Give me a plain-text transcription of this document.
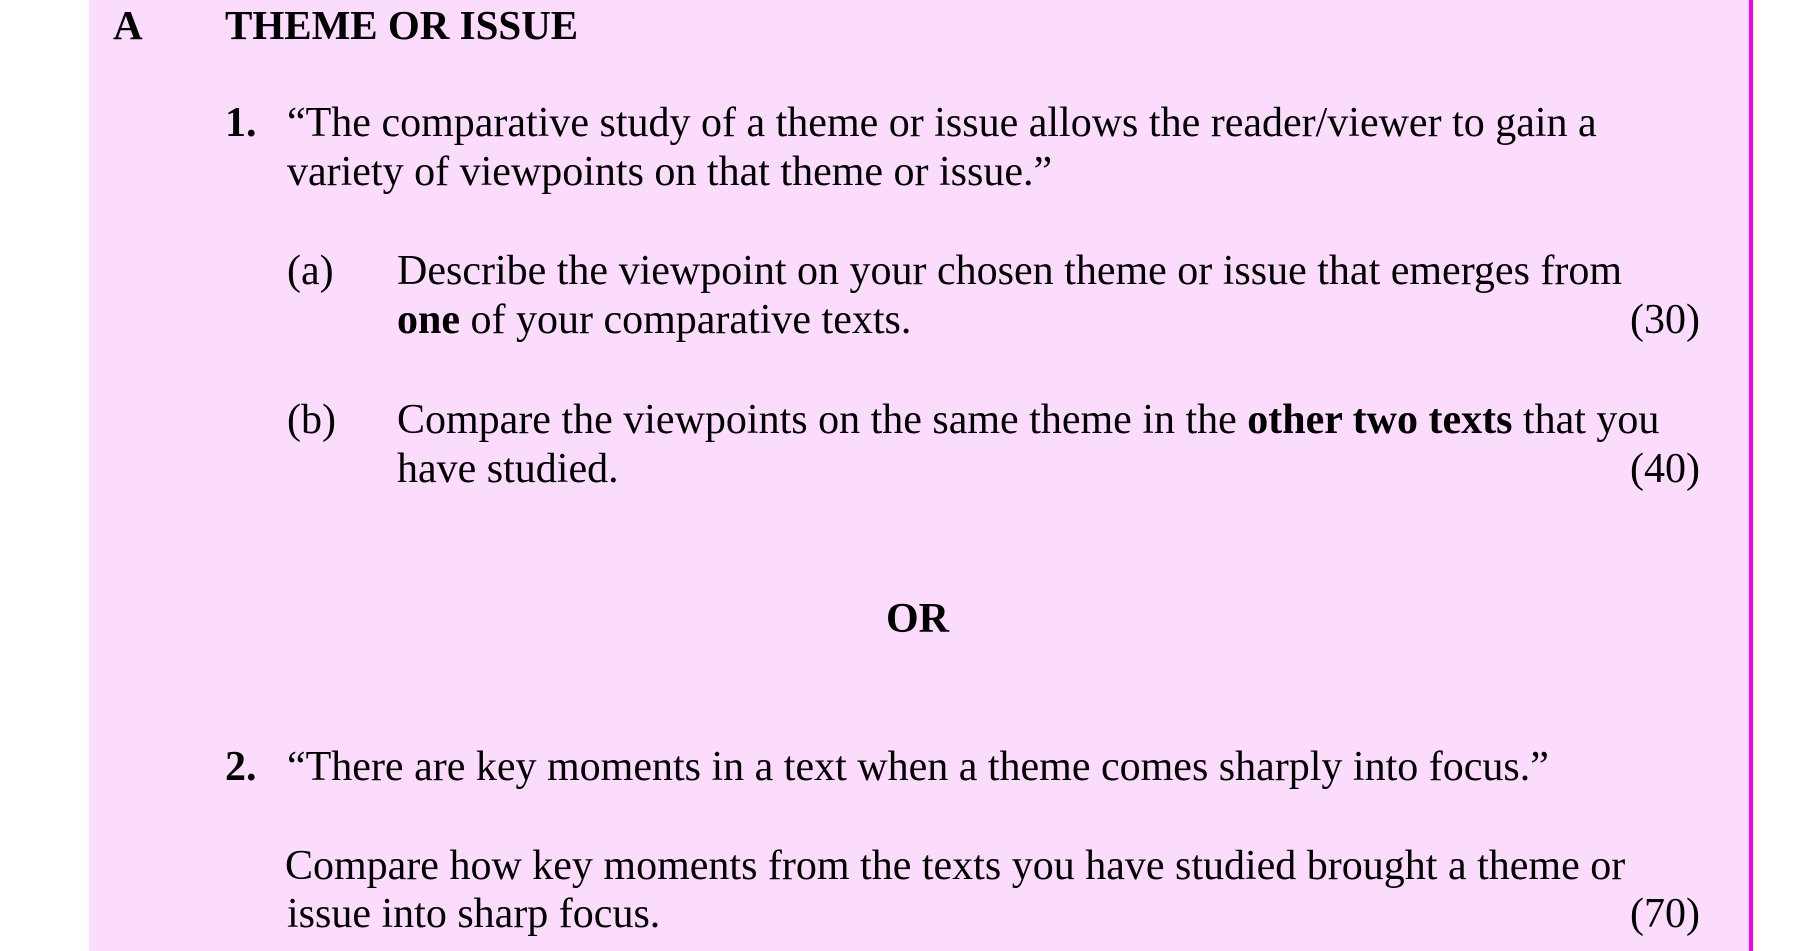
A THEME OR ISSUE
1. “The comparative study of a theme or issue allows the reader/viewer to gain a
variety of viewpoints on that theme or issue.”
(a) Describe the viewpoint on your chosen theme or issue that emerges from
one of your comparative texts.	(30)
(b) Compare the viewpoints on the same theme in the other two texts that you
have studied.	(40)
OR
2. “There are key moments in a text when a theme comes sharply into focus.”
Compare how key moments from the texts you have studied brought a theme or
issue into sharp focus.	(70)
